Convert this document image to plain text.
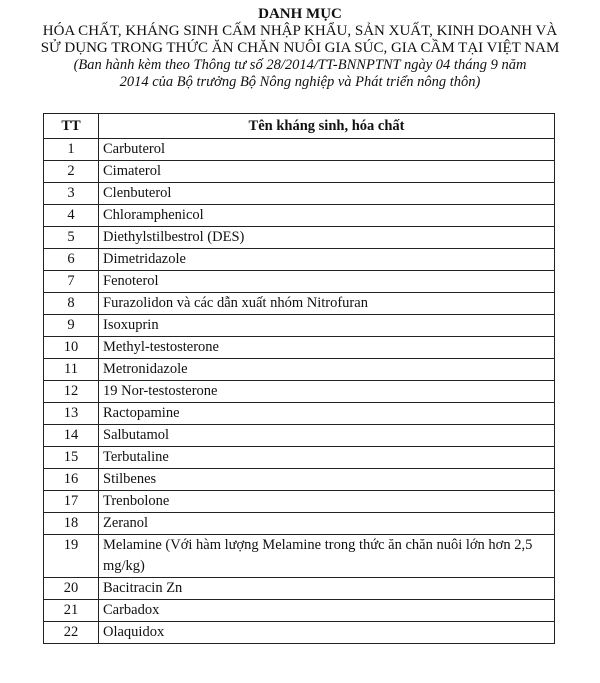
DANH MỤC

HÓA CHẤT, KHÁNG SINH CẤM NHẬP KHẨU, SẢN XUẤT, KINH DOANH VÀ SỬ DỤNG TRONG THỨC ĂN CHĂN NUÔI GIA SÚC, GIA CẦM TẠI VIỆT NAM

(Ban hành kèm theo Thông tư số 28/2014/TT-BNNPTNT ngày 04 tháng 9 năm 2014 của Bộ trưởng Bộ Nông nghiệp và Phát triển nông thôn)

TT	Tên kháng sinh, hóa chất
1	Carbuterol
2	Cimaterol
3	Clenbuterol
4	Chloramphenicol
5	Diethylstilbestrol (DES)
6	Dimetridazole
7	Fenoterol
8	Furazolidon và các dẫn xuất nhóm Nitrofuran
9	Isoxuprin
10	Methyl-testosterone
11	Metronidazole
12	19 Nor-testosterone
13	Ractopamine
14	Salbutamol
15	Terbutaline
16	Stilbenes
17	Trenbolone
18	Zeranol
19	Melamine (Với hàm lượng Melamine trong thức ăn chăn nuôi lớn hơn 2,5 mg/kg)
20	Bacitracin Zn
21	Carbadox
22	Olaquidox
